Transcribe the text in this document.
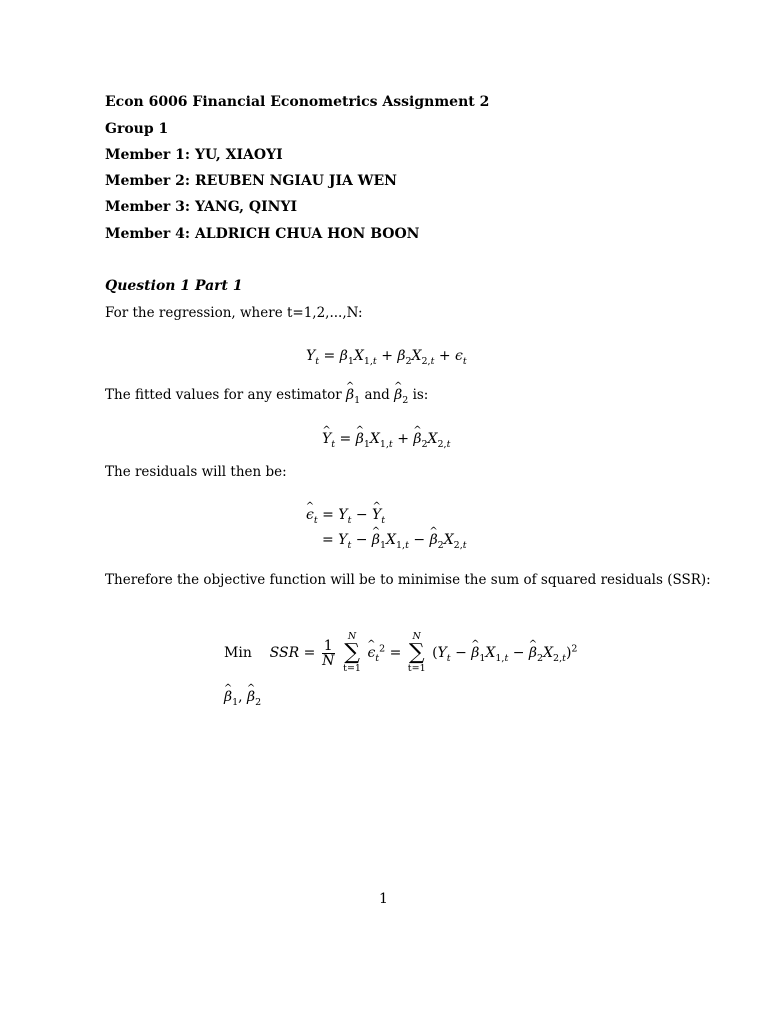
Econ 6006 Financial Econometrics Assignment 2
Group 1
Member 1: YU, XIAOYI
Member 2: REUBEN NGIAU JIA WEN
Member 3: YANG, QINYI
Member 4: ALDRICH CHUA HON BOON
Question 1 Part 1
For the regression, where t=1,2,...,N:
$Y_t = \beta_1X_{1,t} + \beta_2X_{2,t} + \epsilon_t$
The fitted values for any estimator ^ $\beta_1$ and ^ $\beta_2$ is:
^ $Y_t$ = ^ $\beta_1X_{1,t}$ + ^ $\beta_2X_{2,t}$
The residuals will then be:
^ $\epsilon_t = Y_t$ − ^ $Y_t$
= $Y_t$ − ^ $\beta_1X_{1,t}$ − ^ $\beta_2X_{2,t}$
Therefore the objective function will be to minimise the sum of squared residuals (SSR):
Min SSR = $\frac{1}{N}$

N
∑
t=1
^ $\epsilon_t^2$ =
N
∑
t=1
($Y_t$ − ^ $\beta_1X_{1,t}$ − ^ $\beta_2X_{2,t})^2$
^ $\beta_1$, ^ $\beta_2$
1
